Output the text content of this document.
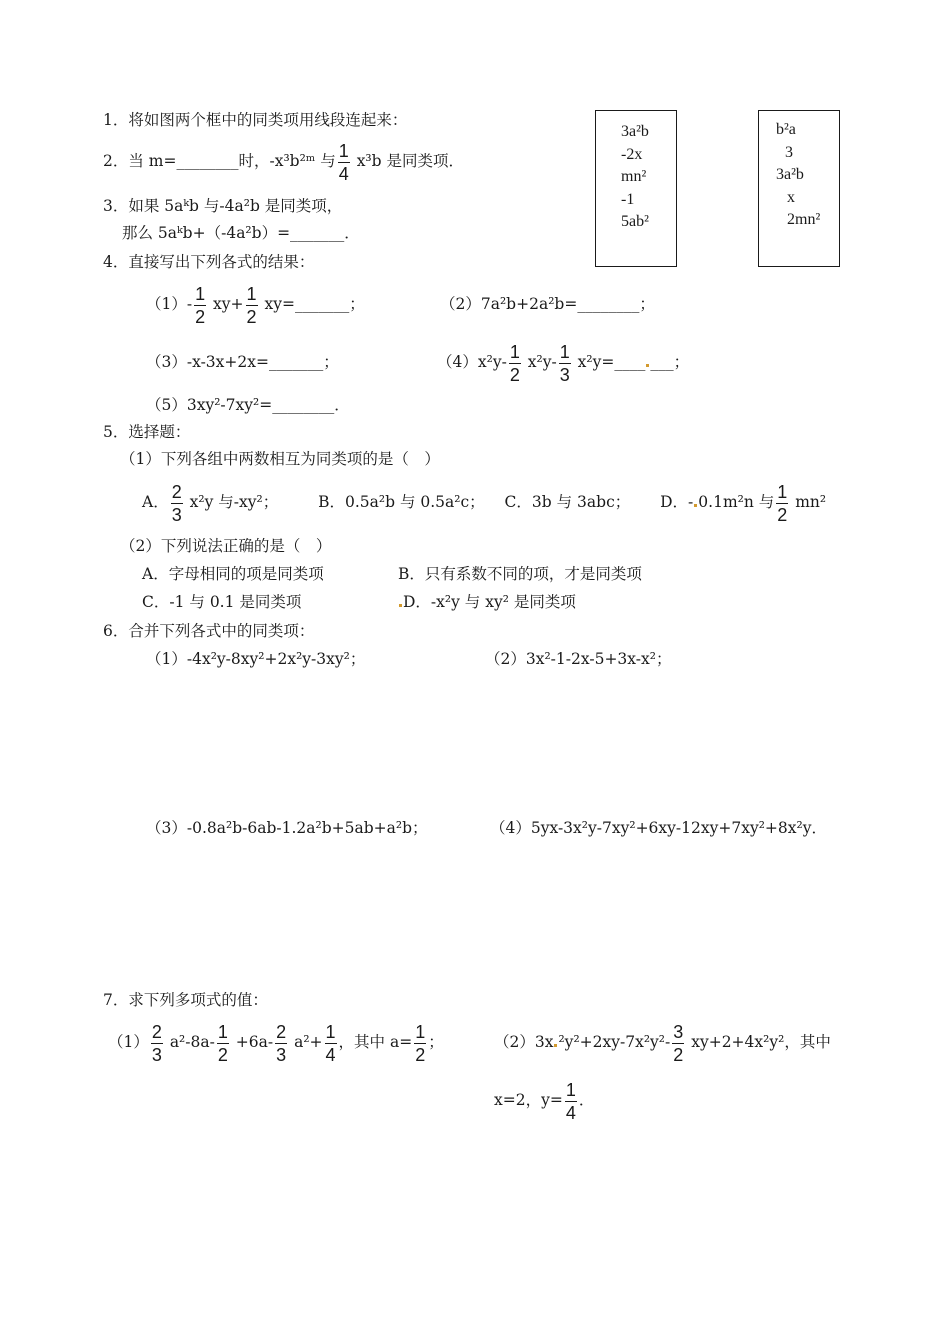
1．将如图两个框中的同类项用线段连起来：
3a²b
-2x
mn²
-1
5ab²
b²a
3
3a²b
x
2mn²
2．当 m=________时，-x³b²ᵐ 与 $\frac{1}{4} x^3b$ 是同类项．
3．如果 5aᵏb 与-4a²b 是同类项，
那么 5aᵏb+（-4a²b）=_______．
4．直接写出下列各式的结果：
$(1)- \frac{1}{2} xy+ \frac{1}{2}$ xy=_______；	（2）7a²b+2a²b=________；
（3）-x-3x+2x=_______；	$(4)x^2y- \frac{1}{2} x^2y- \frac{1}{3}$ x²y=____ ___；
（5）3xy²-7xy²=________．
5．选择题：
（1）下列各组中两数相互为同类项的是（　）
A． $\frac{2}{3} x^2y$ 与-xy²；	B．0.5a²b 与 0.5a²c； C．3b 与 3abc； D．- 0.1m²n 与 $\frac{1}{2} mn^2$
（2）下列说法正确的是（　）
A．字母相同的项是同类项	B．只有系数不同的项，才是同类项
C．-1 与 0.1 是同类项	D．-x²y 与 xy² 是同类项
6．合并下列各式中的同类项：
（1）-4x²y-8xy²+2x²y-3xy²；	（2）3x²-1-2x-5+3x-x²；
（3）-0.8a²b-6ab-1.2a²b+5ab+a²b；	（4）5yx-3x²y-7xy²+6xy-12xy+7xy²+8x²y．
7．求下列多项式的值：
$(1) \frac{2}{3} a^2-8a- \frac{1}{2} +6a- \frac{2}{3} a^2+ \frac{1}{4}$ ，其中 $a= \frac{1}{2}$ ；	（2）3x $^2y^2+2xy-7x^2y^2- \frac{3}{2} xy+2+4x^2y^2$，其中
x=2，$y= \frac{1}{4}$ ．
